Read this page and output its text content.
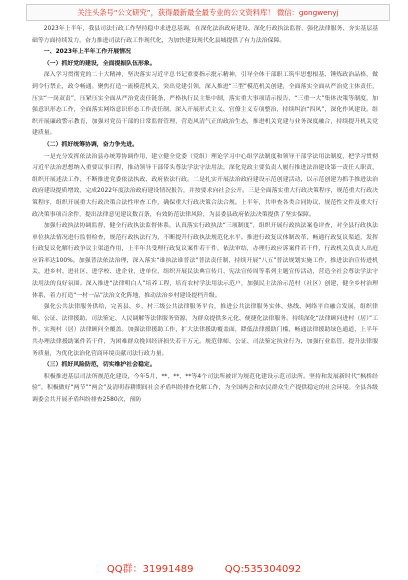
关注头条号“公文研究”，获得最新最全最专业的公文资料库！ 微信：gongwenyj

2023年上半年，我县司法行政工作坚持稳中求进总基调，在深化法治政府建设、深化行政执法监督、强化法律服务、夯实基层基础等方面持续发力，奋力推进司法行政工作现代化，为加快建设现代化县城提供了有力法治保障。

一、2023年上半年工作开展情况

（一）抓好党的建设，全面提振队伍形象。

深入学习贯彻党的二十大精神，坚决落实习近平总书记重要指示批示精神，引导全体干部职工筑牢思想根基、锤炼政治品格，做到令行禁止，政令畅通。聚焦打造一流模范机关，突出党建引领，深入推进“三型”模范机关创建，全面落实全面从严治党主体责任，压实“一岗双责”，压紧压实全面从严治党责任链条，严格执行民主集中制，落实重大事项请示报告、“三重一大”集体决策等制度，加强意识形态工作，全面落实网络意识形态工作责任制，深入开展形式主义、官僚主义专项整治，持续纠治“四风”，深化作风建设。组织开展廉政警示教育，加强对党员干部的日常监督管理，营造风清气正的政治生态，推进机关党建与业务深度融合，持续提升机关党建质量。

（二）抓好统筹协调，奋力争先进。

一是充分发挥依法治县办统筹协调作用，建立健全党委（党组）理论学习中心组学法制度和领导干部学法用法制度，把学习贯彻习近平法治思想纳入重要议事日程，推动领导干部带头尊法学法守法用法，深化党政主要负责人履行推进法治建设第一责任人职责，组织开展述法工作，不断推进党委依法执政、政府依法行政。二是扎实开展法治政府建设示范创建活动，以示范创建为抓手推进法治政府建设提质增效，完成2022年度法治政府建设情况报告，并按要求向社会公开。三是全面落实重大行政决策程序，规范重大行政决策程序，组织开展重大行政决策合法性审查工作，确保重大行政决策合法合规。上半年，共审查各类合同协议、规范性文件及重大行政决策事项百余件，提出法律意见建议数百条，有效防范法律风险，为县委县政府依法决策提供了坚实保障。

加强行政执法协调监督，健全行政执法监督体系，认真落实行政执法“三项制度”，组织开展行政执法案卷评查，对全县行政执法单位执法情况进行监督检查，规范行政执法行为，不断提升行政执法规范化水平。推进行政复议体制改革，畅通行政复议渠道，发挥行政复议化解行政争议主渠道作用，上半年共受理行政复议案件若干件，依法审结，办理行政应诉案件若干件，行政机关负责人出庭应诉率达100%。加强普法依法治理，深入落实“谁执法谁普法”普法责任制，持续开展“八五”普法规划实施工作，推进法治宣传进机关、进乡村、进社区、进学校、进企业、进单位，组织开展民法典宣传月、宪法宣传周等系列主题宣传活动，营造全社会尊法学法守法用法的良好氛围。深入推进“法律明白人”培养工程，培育农村学法用法示范户，加强民主法治示范村（社区）创建，健全乡村治理体系，着力打造“一村一品”法治文化阵地，推动法治乡村建设提档升级。

强化公共法律服务供给，完善县、乡、村三级公共法律服务平台，推进公共法律服务实体、热线、网络平台融合发展，组织律师、公证、法律援助、司法鉴定、人民调解等法律服务资源，为群众提供多元化、便捷化法律服务。持续深化“法律顾问进村（居）”工作，实现村（居）法律顾问全覆盖。加强法律援助工作，扩大法律援助覆盖面，降低法律援助门槛，畅通法律援助绿色通道，上半年共办理法律援助案件若干件，为困难群众挽回经济损失若干万元。规范律师、公证、司法鉴定执业行为，加强行业监管，提升法律服务质量，为优化法治化营商环境贡献司法行政力量。

（三）抓好风险防范，切实维护社会稳定。

积极推进基层司法所规范化建设，今年5月，**、**、**等4个司法所被评为规范化建设示范司法所。坚持和发展新时代“枫桥经验”，积极做好“两节”“两会”及清明春耕期间社会矛盾纠纷排查化解工作，为全国两会和农民群众生产提供稳定的社会环境。全县各级调委会共开展矛盾纠纷排查2580次，预防

QQ群：31991489	QQ:535304092
